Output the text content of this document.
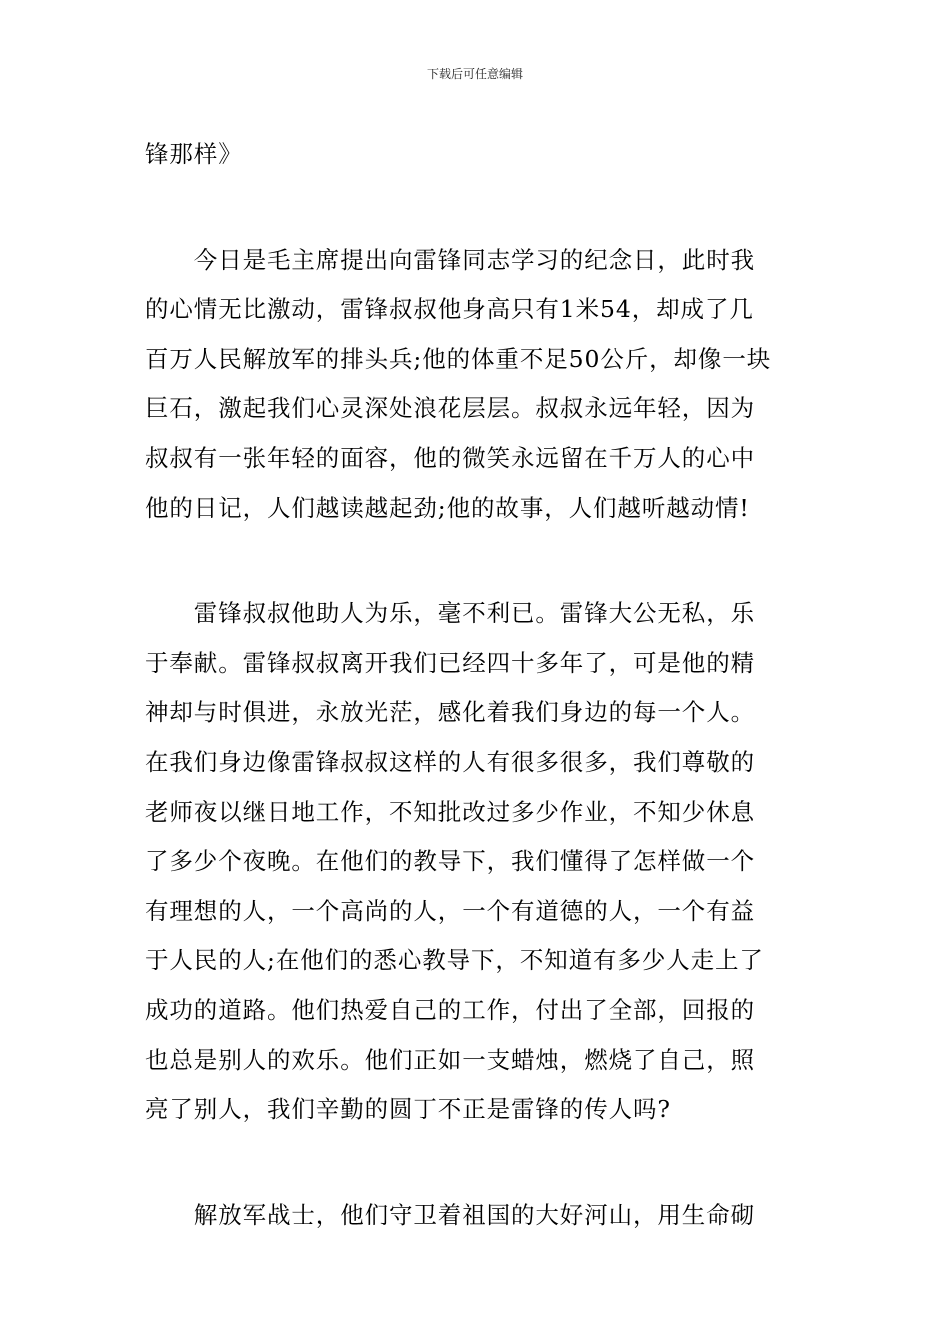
下载后可任意编辑
锋那样》
　　今日是毛主席提出向雷锋同志学习的纪念日，此时我
的心情无比激动，雷锋叔叔他身高只有1米54，却成了几
百万人民解放军的排头兵;他的体重不足50公斤，却像一块
巨石，激起我们心灵深处浪花层层。叔叔永远年轻，因为
叔叔有一张年轻的面容，他的微笑永远留在千万人的心中
他的日记，人们越读越起劲;他的故事，人们越听越动情!
　　雷锋叔叔他助人为乐，毫不利已。雷锋大公无私，乐
于奉献。雷锋叔叔离开我们已经四十多年了，可是他的精
神却与时俱进，永放光茫，感化着我们身边的每一个人。
在我们身边像雷锋叔叔这样的人有很多很多，我们尊敬的
老师夜以继日地工作，不知批改过多少作业，不知少休息
了多少个夜晚。在他们的教导下，我们懂得了怎样做一个
有理想的人，一个高尚的人，一个有道德的人，一个有益
于人民的人;在他们的悉心教导下，不知道有多少人走上了
成功的道路。他们热爱自己的工作，付出了全部，回报的
也总是别人的欢乐。他们正如一支蜡烛，燃烧了自己，照
亮了别人，我们辛勤的圆丁不正是雷锋的传人吗?
　　解放军战士，他们守卫着祖国的大好河山，用生命砌
